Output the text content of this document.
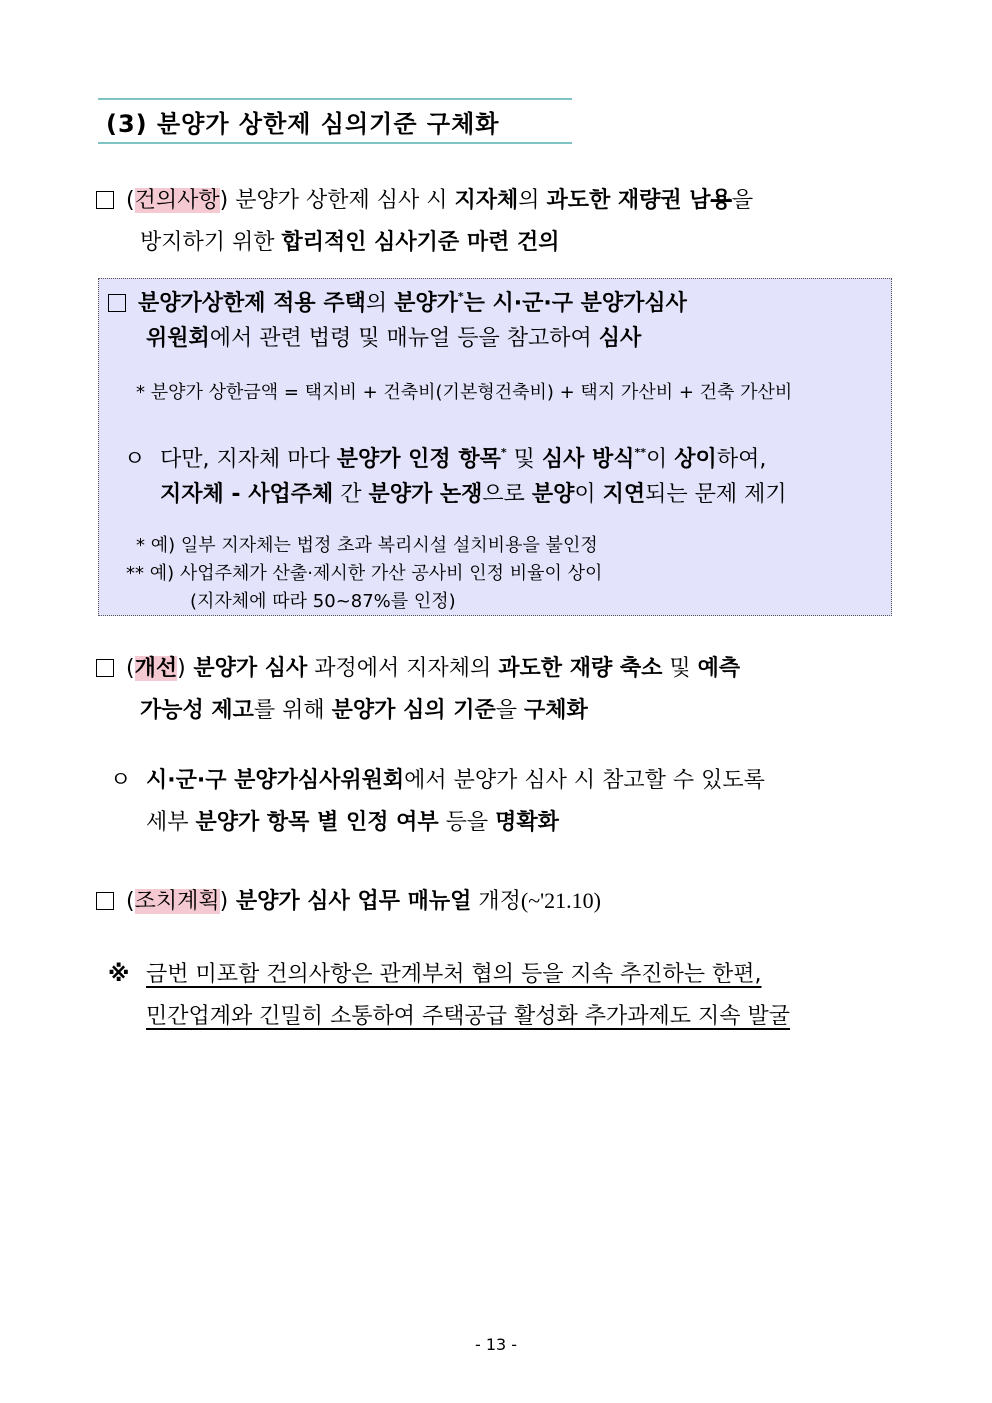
(3) 분양가 상한제 심의기준 구체화
(건의사항) 분양가 상한제 심사 시 지자체의 과도한 재량권 남용을
방지하기 위한 합리적인 심사기준 마련 건의
분양가상한제 적용 주택의 분양가*는 시·군·구 분양가심사
위원회에서 관련 법령 및 매뉴얼 등을 참고하여 심사
* 분양가 상한금액 = 택지비 + 건축비(기본형건축비) + 택지 가산비 + 건축 가산비
ㅇ 다만, 지자체 마다 분양가 인정 항목* 및 심사 방식**이 상이하여,
지자체 - 사업주체 간 분양가 논쟁으로 분양이 지연되는 문제 제기
* 예) 일부 지자체는 법정 초과 복리시설 설치비용을 불인정
** 예) 사업주체가 산출·제시한 가산 공사비 인정 비율이 상이
(지자체에 따라 50~87%를 인정)
(개선) 분양가 심사 과정에서 지자체의 과도한 재량 축소 및 예측
가능성 제고를 위해 분양가 심의 기준을 구체화
ㅇ 시·군·구 분양가심사위원회에서 분양가 심사 시 참고할 수 있도록
세부 분양가 항목 별 인정 여부 등을 명확화
(조치계획) 분양가 심사 업무 매뉴얼 개정(~'21.10)
※ 금번 미포함 건의사항은 관계부처 협의 등을 지속 추진하는 한편,
민간업계와 긴밀히 소통하여 주택공급 활성화 추가과제도 지속 발굴
- 13 -
